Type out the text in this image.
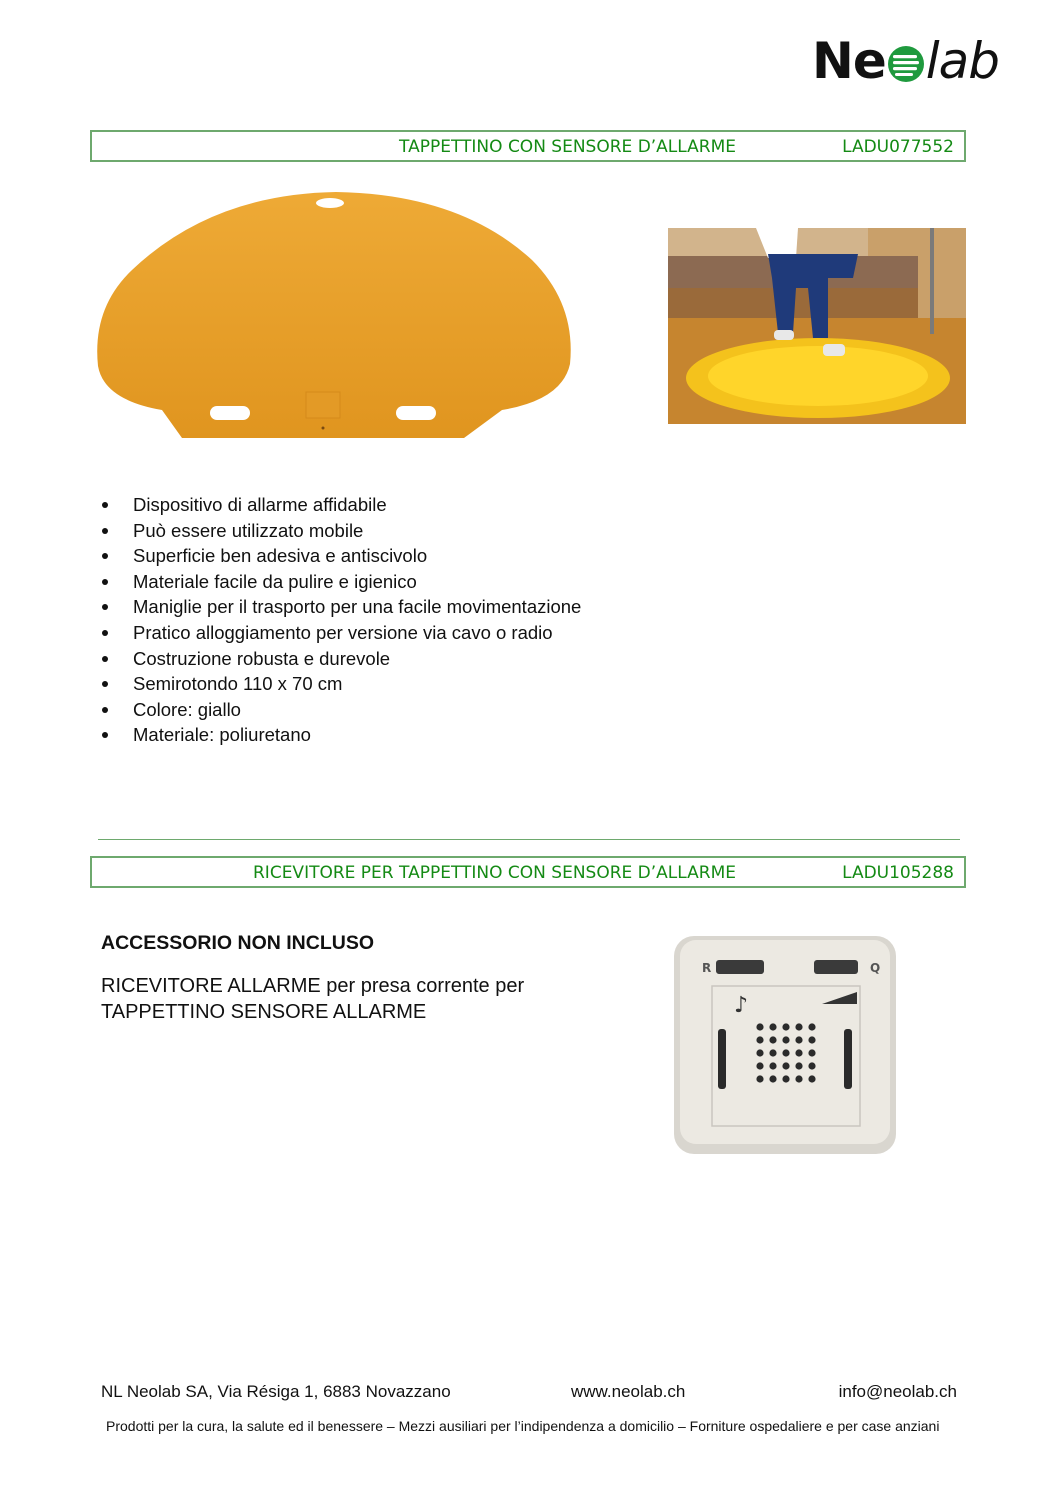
Ne lab
TAPPETTINO CON SENSORE D’ALLARME	LADU077552
Dispositivo di allarme affidabile
Può essere utilizzato mobile
Superficie ben adesiva e antiscivolo
Materiale facile da pulire e igienico
Maniglie per il trasporto per una facile movimentazione
Pratico alloggiamento per versione via cavo o radio
Costruzione robusta e durevole
Semirotondo 110 x 70 cm
Colore: giallo
Materiale: poliuretano
RICEVITORE PER TAPPETTINO CON SENSORE D’ALLARME	LADU105288
ACCESSORIO NON INCLUSO
RICEVITORE ALLARME per presa corrente per
TAPPETTINO SENSORE ALLARME
R	Q
♪
NL Neolab SA, Via Résiga 1, 6883 Novazzano	www.neolab.ch	info@neolab.ch
Prodotti per la cura, la salute ed il benessere – Mezzi ausiliari per l’indipendenza a domicilio – Forniture ospedaliere e per case anziani
